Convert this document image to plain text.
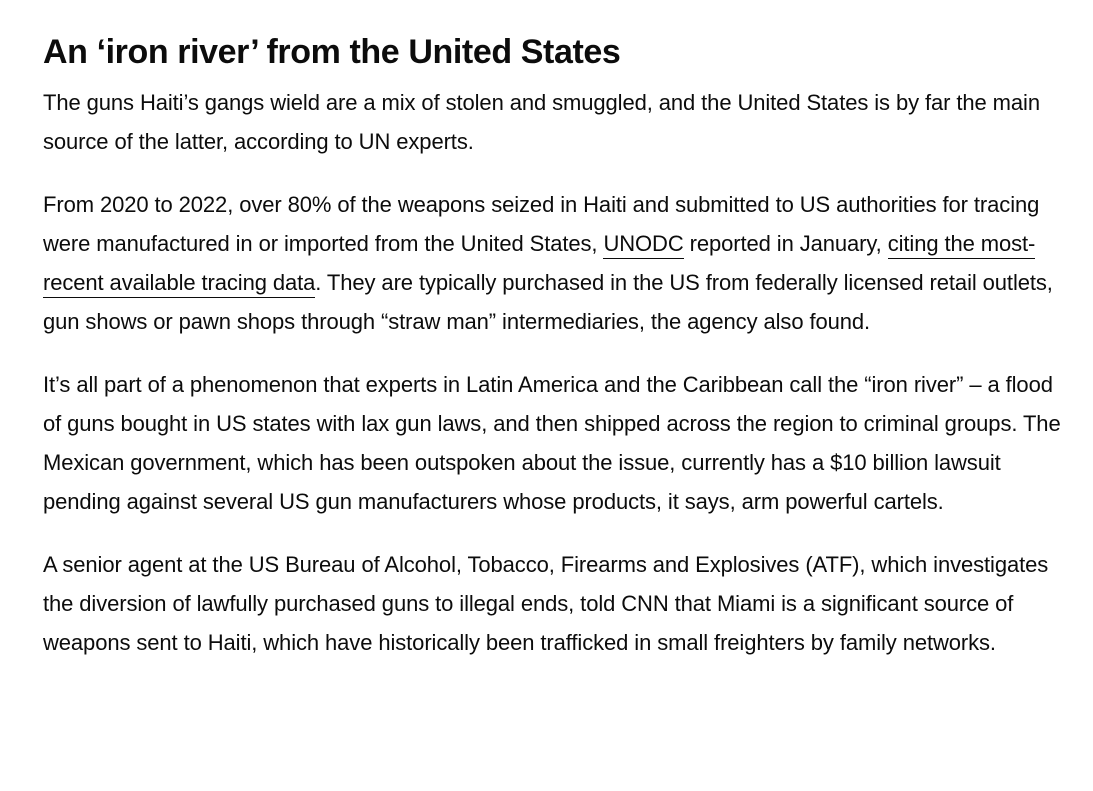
An ‘iron river’ from the United States

The guns Haiti’s gangs wield are a mix of stolen and smuggled, and the United States is by far the main source of the latter, according to UN experts.

From 2020 to 2022, over 80% of the weapons seized in Haiti and submitted to US authorities for tracing were manufactured in or imported from the United States, UNODC reported in January, citing the most-recent available tracing data. They are typically purchased in the US from federally licensed retail outlets, gun shows or pawn shops through “straw man” intermediaries, the agency also found.

It’s all part of a phenomenon that experts in Latin America and the Caribbean call the “iron river” – a flood of guns bought in US states with lax gun laws, and then shipped across the region to criminal groups. The Mexican government, which has been outspoken about the issue, currently has a $10 billion lawsuit pending against several US gun manufacturers whose products, it says, arm powerful cartels.

A senior agent at the US Bureau of Alcohol, Tobacco, Firearms and Explosives (ATF), which investigates the diversion of lawfully purchased guns to illegal ends, told CNN that Miami is a significant source of weapons sent to Haiti, which have historically been trafficked in small freighters by family networks.
